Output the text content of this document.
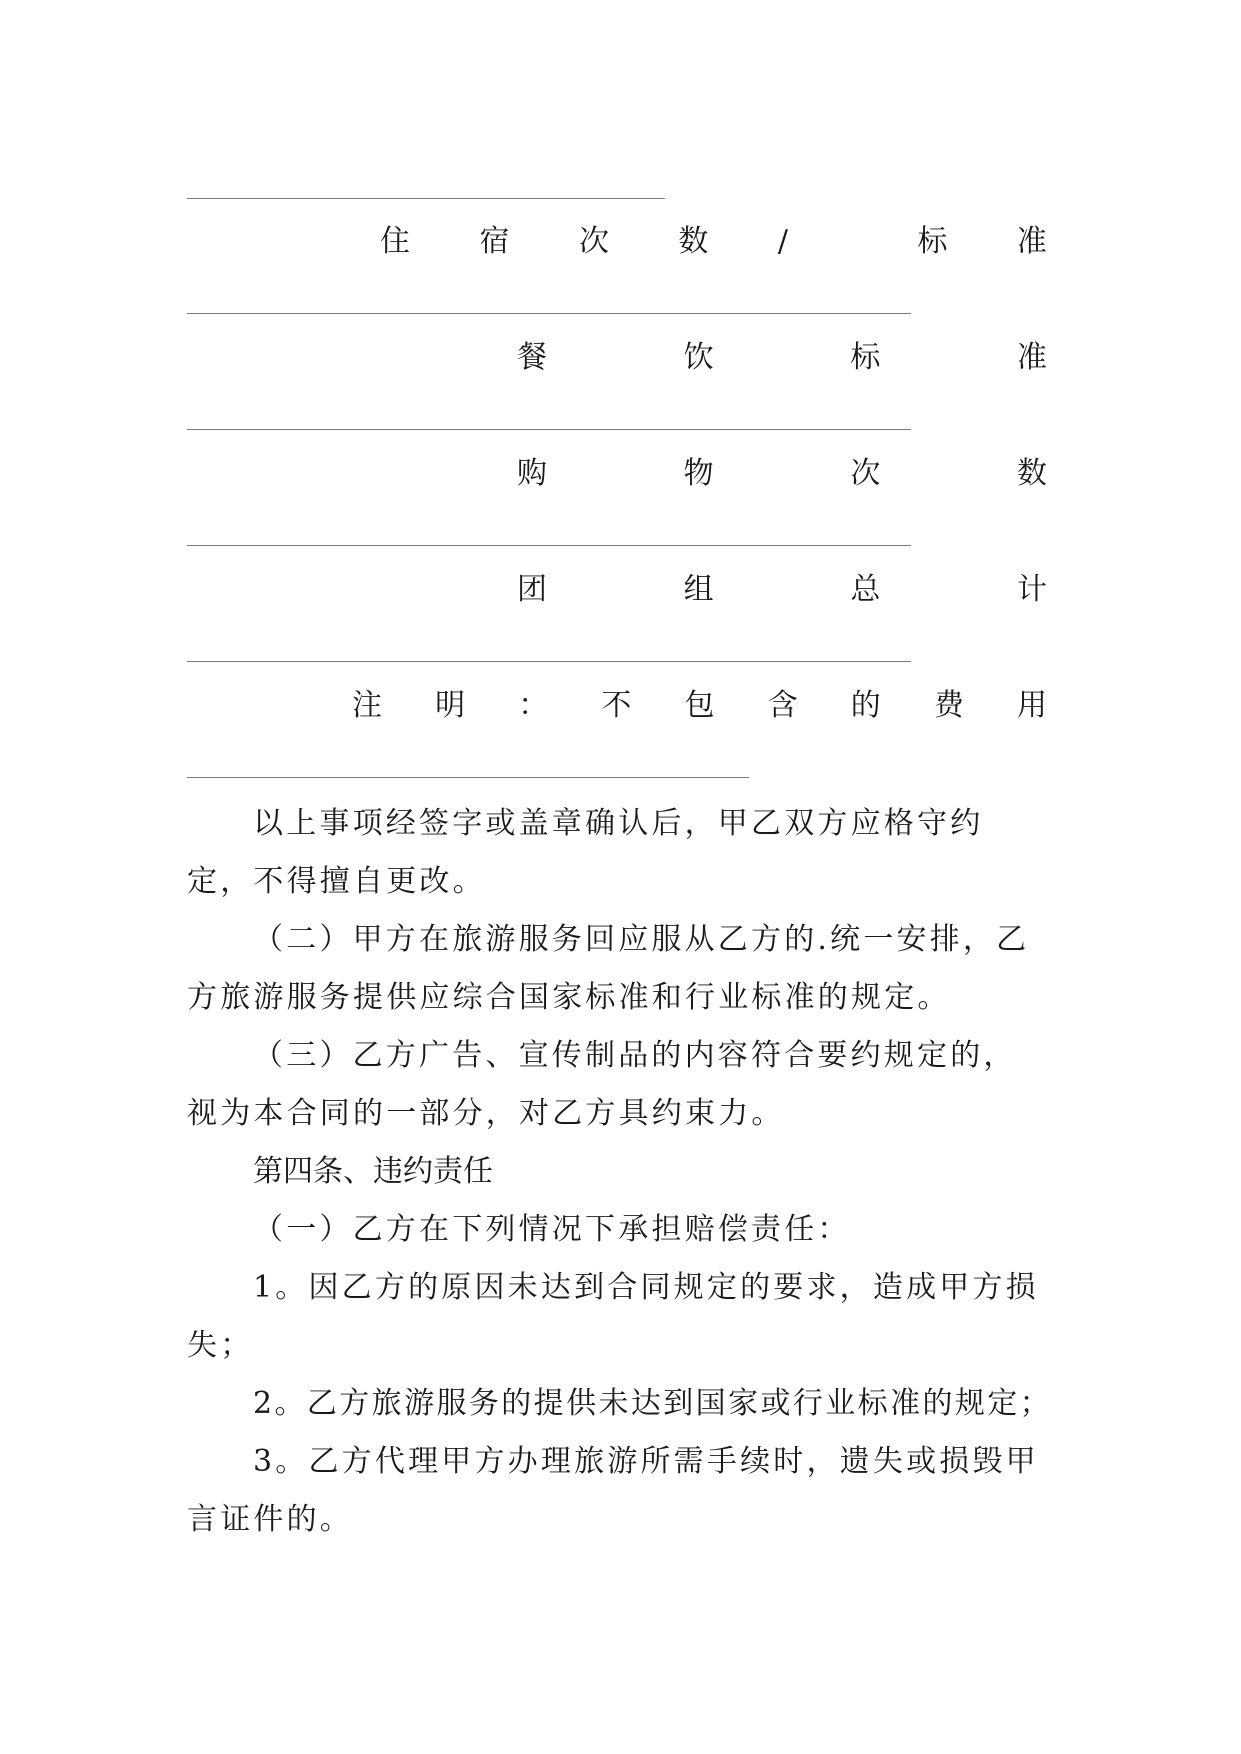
住 宿 次 数 /	标 准
餐	饮	标	准
购	物	次	数
团	组	总	计
注 明 ： 不 包 含 的 费 用

以上事项经签字或盖章确认后，甲乙双方应格守约定，不得擅自更改。

（二）甲方在旅游服务回应服从乙方的.统一安排，乙方旅游服务提供应综合国家标准和行业标准的规定。

（三）乙方广告、宣传制品的内容符合要约规定的，视为本合同的一部分，对乙方具约束力。

第四条、违约责任

（一）乙方在下列情况下承担赔偿责任：

1。因乙方的原因未达到合同规定的要求，造成甲方损失；

2。乙方旅游服务的提供未达到国家或行业标准的规定；

3。乙方代理甲方办理旅游所需手续时，遗失或损毁甲言证件的。
